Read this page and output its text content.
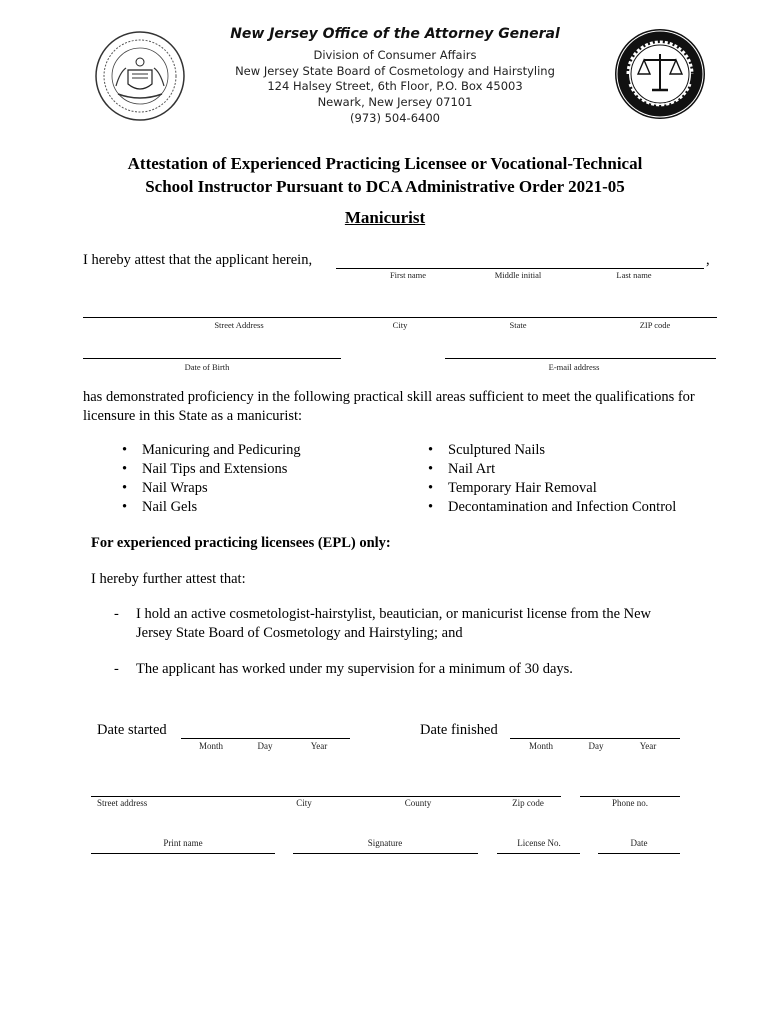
New Jersey Office of the Attorney General
Division of Consumer Affairs
New Jersey State Board of Cosmetology and Hairstyling
124 Halsey Street, 6th Floor, P.O. Box 45003
Newark, New Jersey 07101
(973) 504-6400
Attestation of Experienced Practicing Licensee or Vocational-Technical
School Instructor Pursuant to DCA Administrative Order 2021-05
Manicurist
I hereby attest that the applicant herein,	,
First name	Middle initial	Last name
Street Address	City	State	ZIP code
Date of Birth	E-mail address
has demonstrated proficiency in the following practical skill areas sufficient to meet the qualifications for
licensure in this State as a manicurist:
• Manicuring and Pedicuring
• Nail Tips and Extensions
• Nail Wraps
• Nail Gels
• Sculptured Nails
• Nail Art
• Temporary Hair Removal
• Decontamination and Infection Control
For experienced practicing licensees (EPL) only:
I hereby further attest that:
- I hold an active cosmetologist-hairstylist, beautician, or manicurist license from the New
Jersey State Board of Cosmetology and Hairstyling; and
- The applicant has worked under my supervision for a minimum of 30 days.
Date started
Month	Day	Year
Date finished
Month	Day	Year
Street address	City	County	Zip code	Phone no.
Print name	Signature	License No.	Date
